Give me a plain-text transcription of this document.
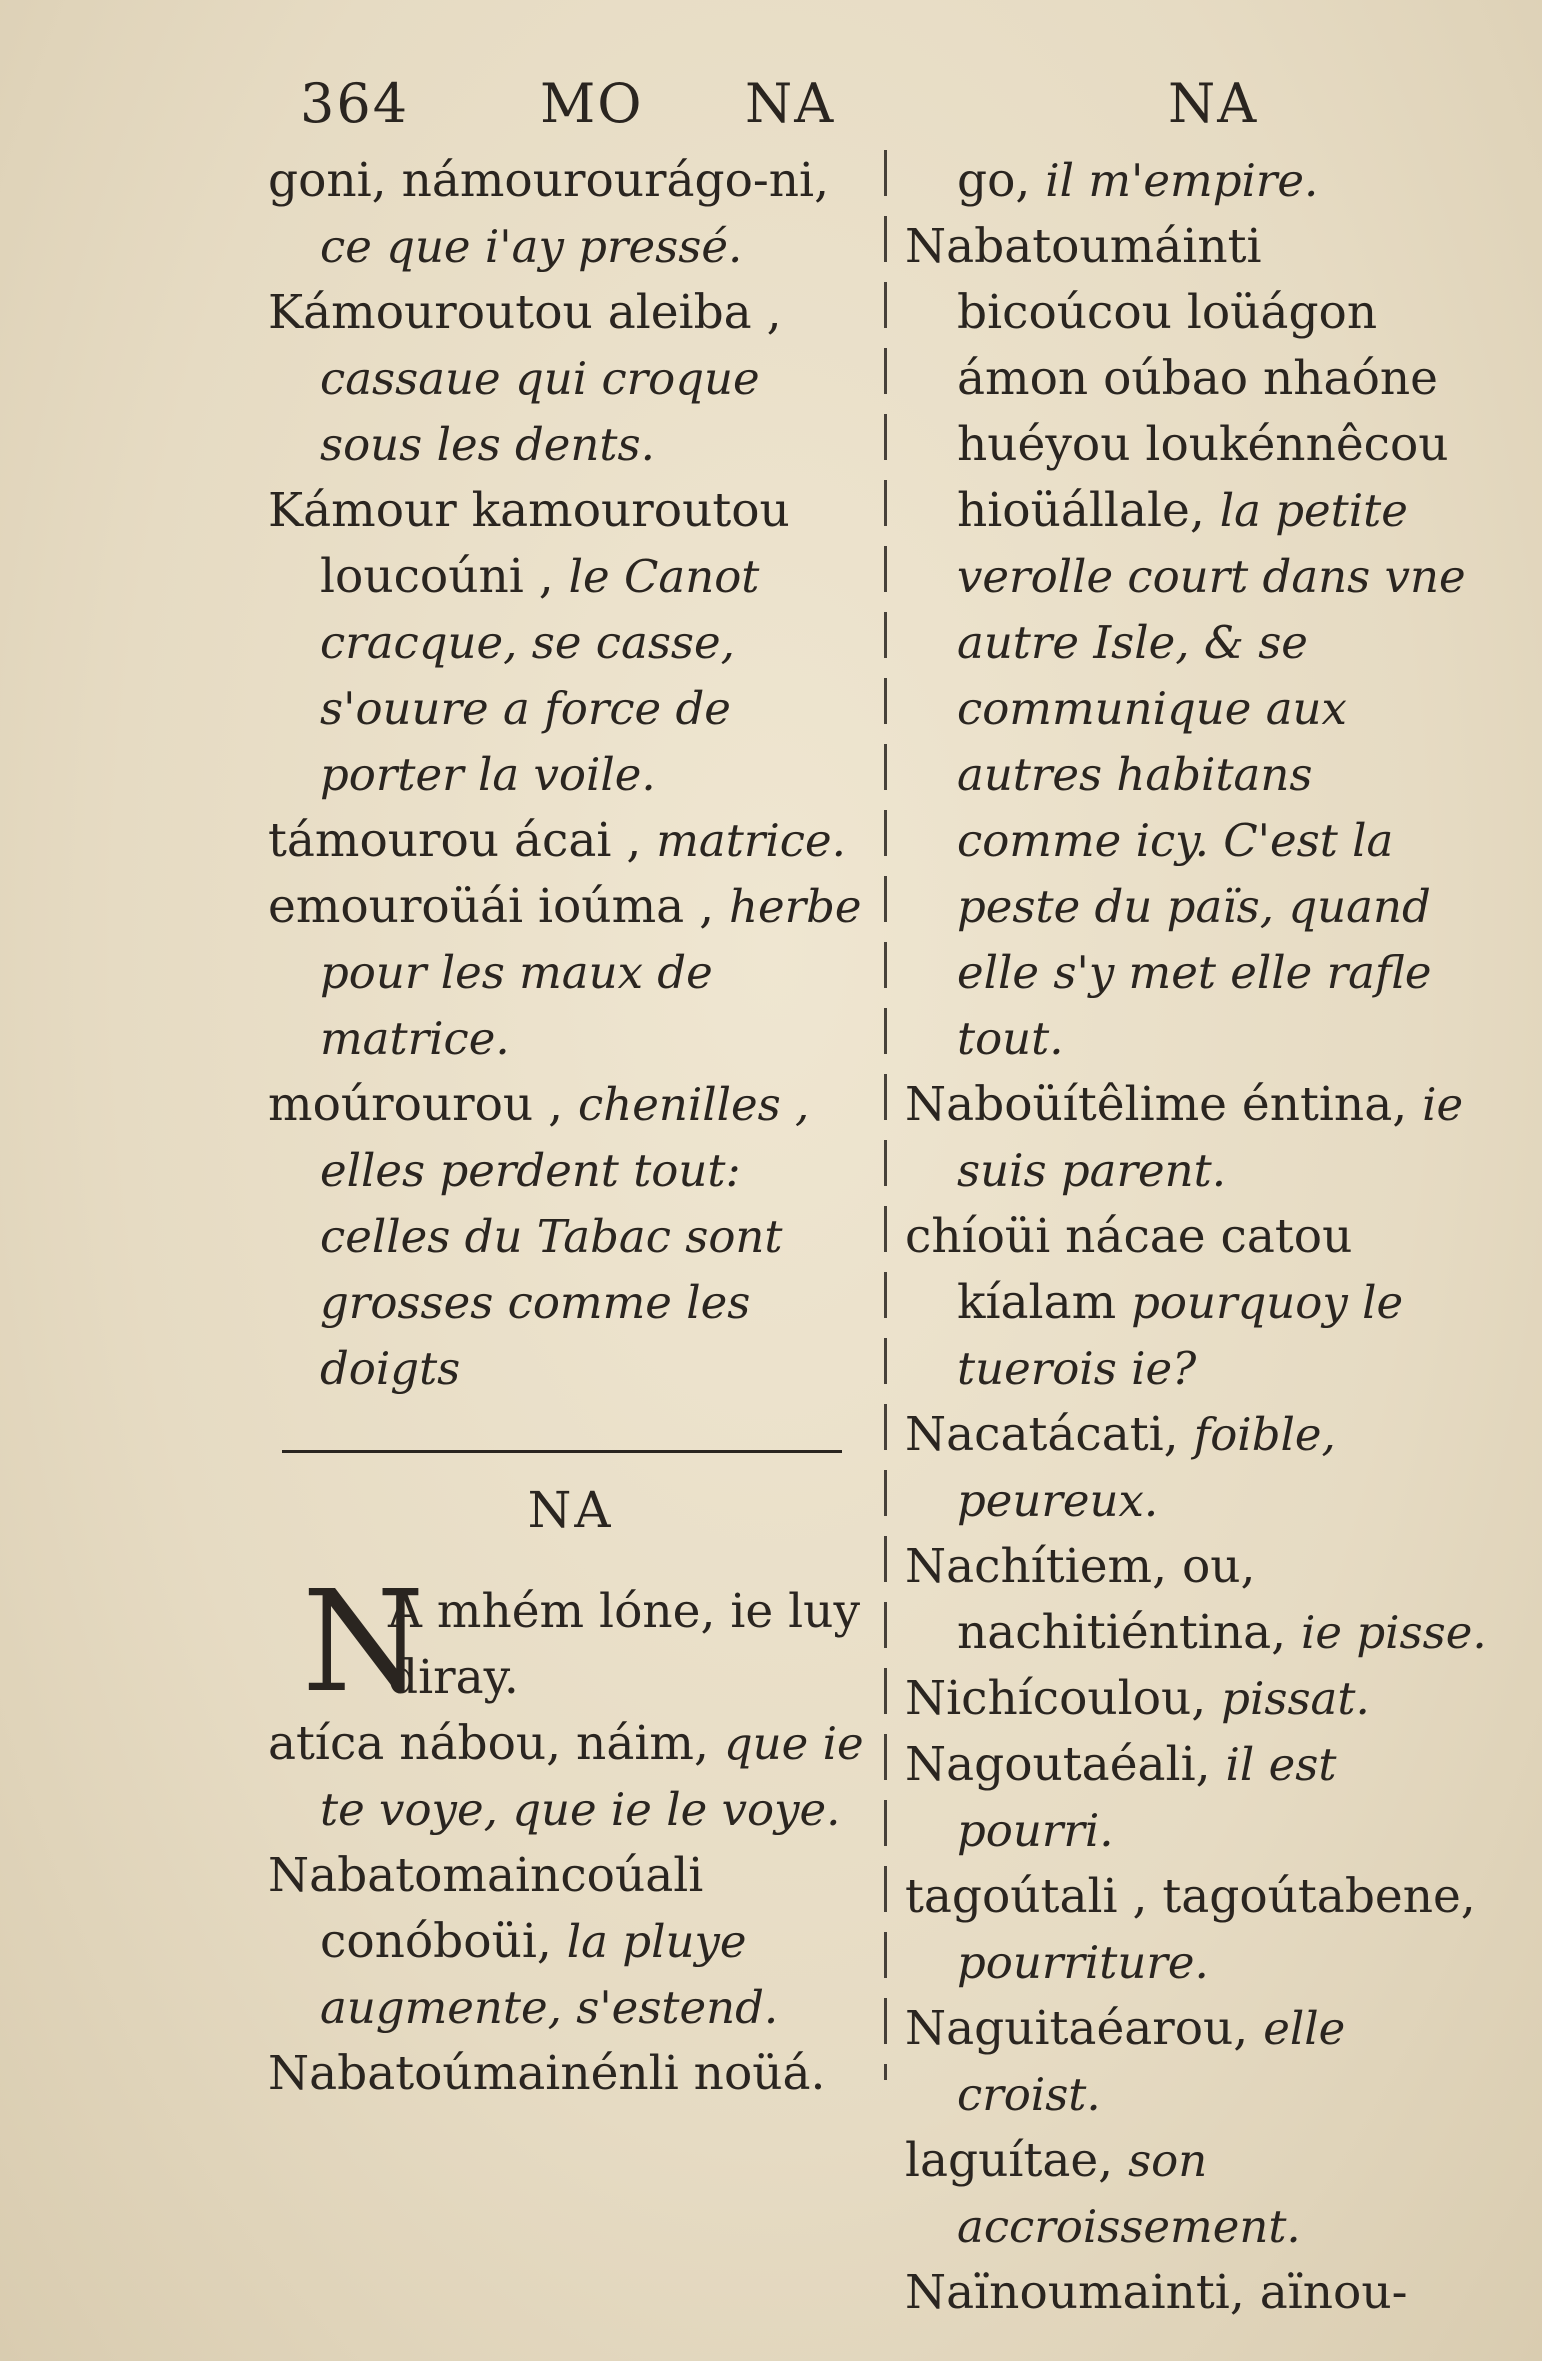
364 MO NA	NA

goni, námourourágo-ni, ce que i'ay pressé.

Kámouroutou aleiba , cassaue qui croque sous les dents.

Kámour kamouroutou loucoúni , le Canot cracque, se casse, s'ouure a force de porter la voile.

támourou ácai , matrice.

emouroüái ioúma , herbe pour les maux de matrice.

moúrourou , chenilles , elles perdent tout: celles du Tabac sont grosses comme les doigts

NA
N
A mhém lóne, ie luy diray.

atíca nábou, náim, que ie te voye, que ie le voye.

Nabatomaincoúali conóboüi, la pluye augmente, s'estend.

Nabatoúmainénli noüá.

go, il m'empire.

Nabatoumáinti bicoúcou loüágon ámon oúbao nhaóne huéyou loukénnêcou hioüállale, la petite verolle court dans vne autre Isle, & se communique aux autres habitans comme icy. C'est la peste du païs, quand elle s'y met elle rafle tout.

Naboüítêlime éntina, ie suis parent.

chíoüi nácae catou kíalam pourquoy le tuerois ie?

Nacatácati, foible, peureux.

Nachítiem, ou, nachitiéntina, ie pisse.

Nichícoulou, pissat.

Nagoutaéali, il est pourri.

tagoútali , tagoútabene, pourriture.

Naguitaéarou, elle croist.

laguítae, son accroissement.

Naïnoumainti, aïnou-
